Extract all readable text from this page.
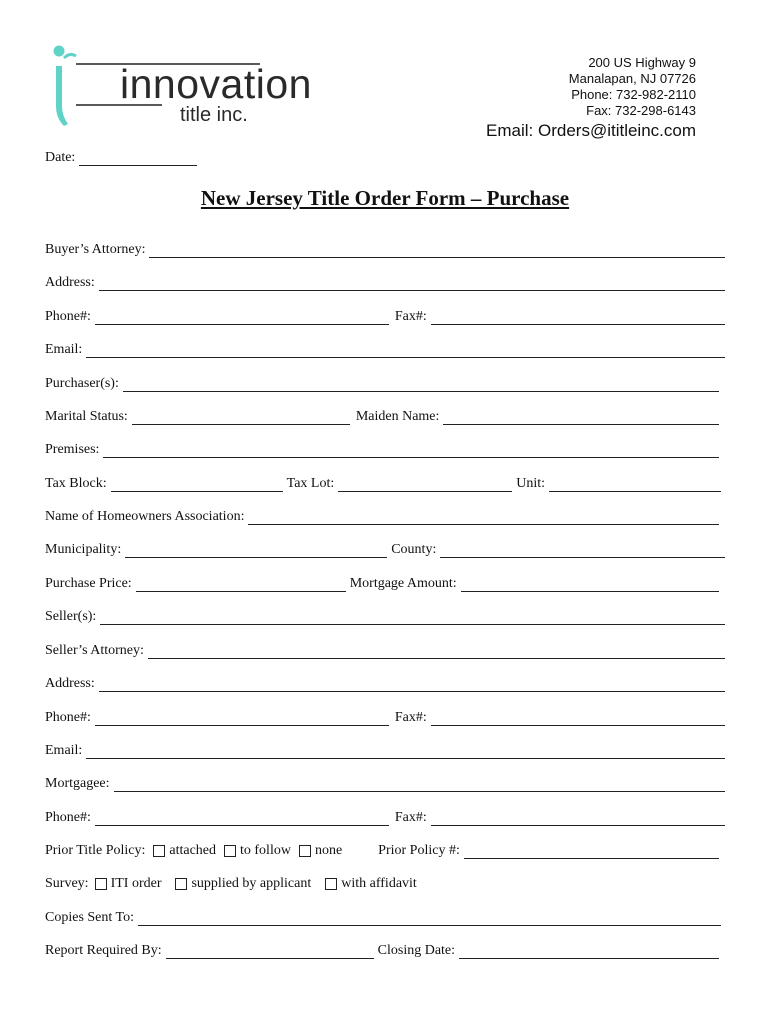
innovation
title inc.
200 US Highway 9
Manalapan, NJ 07726
Phone: 732-982-2110
Fax: 732-298-6143
Email: Orders@ititleinc.com
Date:
New Jersey Title Order Form – Purchase
Buyer’s Attorney:
Address:
Phone#:	Fax#:
Email:
Purchaser(s):
Marital Status:	Maiden Name:
Premises:
Tax Block:	Tax Lot:	Unit:
Name of Homeowners Association:
Municipality:	County:
Purchase Price:	Mortgage Amount:
Seller(s):
Seller’s Attorney:
Address:
Phone#:	Fax#:
Email:
Mortgagee:
Phone#:	Fax#:
Prior Title Policy: attached to follow none	Prior Policy #:
Survey: ITI order supplied by applicant with affidavit
Copies Sent To:
Report Required By:	Closing Date:
